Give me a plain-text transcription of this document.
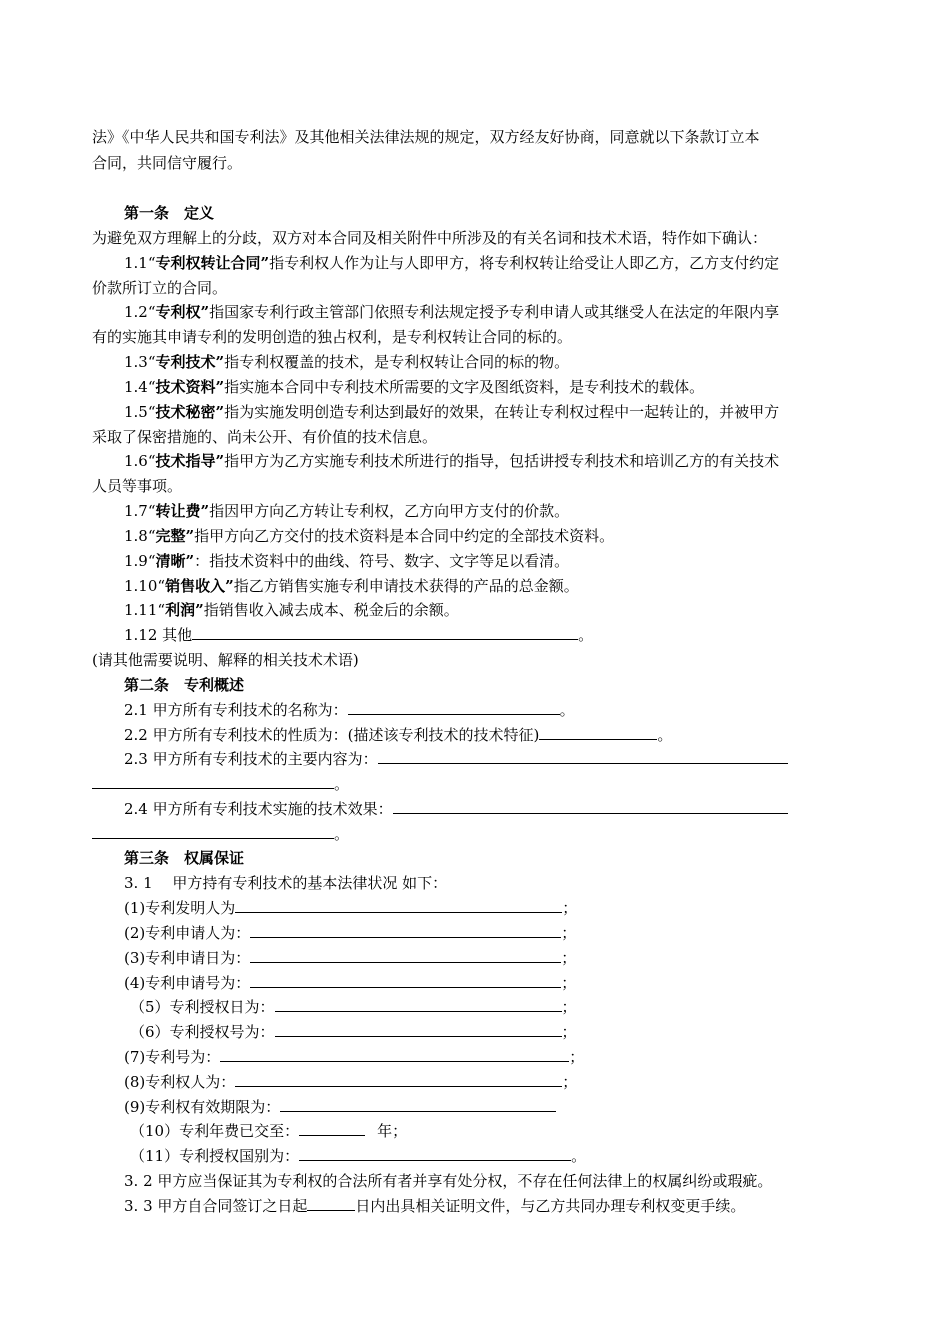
法》《中华人民共和国专利法》及其他相关法律法规的规定，双方经友好协商，同意就以下条款订立本
合同，共同信守履行。
第一条　定义
为避免双方理解上的分歧，双方对本合同及相关附件中所涉及的有关名词和技术术语，特作如下确认：
1.1“专利权转让合同”指专利权人作为让与人即甲方，将专利权转让给受让人即乙方，乙方支付约定
价款所订立的合同。
1.2“专利权”指国家专利行政主管部门依照专利法规定授予专利申请人或其继受人在法定的年限内享
有的实施其申请专利的发明创造的独占权利，是专利权转让合同的标的。
1.3“专利技术”指专利权覆盖的技术，是专利权转让合同的标的物。
1.4“技术资料”指实施本合同中专利技术所需要的文字及图纸资料，是专利技术的载体。
1.5“技术秘密”指为实施发明创造专利达到最好的效果，在转让专利权过程中一起转让的，并被甲方
采取了保密措施的、尚未公开、有价值的技术信息。
1.6“技术指导”指甲方为乙方实施专利技术所进行的指导，包括讲授专利技术和培训乙方的有关技术
人员等事项。
1.7“转让费”指因甲方向乙方转让专利权，乙方向甲方支付的价款。
1.8“完整”指甲方向乙方交付的技术资料是本合同中约定的全部技术资料。
1.9“清晰”：指技术资料中的曲线、符号、数字、文字等足以看清。
1.10“销售收入”指乙方销售实施专利申请技术获得的产品的总金额。
1.11“利润”指销售收入减去成本、税金后的余额。
1.12 其他	。
(请其他需要说明、解释的相关技术术语)
第二条　专利概述
2.1 甲方所有专利技术的名称为：	。
2.2 甲方所有专利技术的性质为：(描述该专利技术的技术特征)	。
2.3 甲方所有专利技术的主要内容为：
。
2.4 甲方所有专利技术实施的技术效果：
。
第三条　权属保证
3. 1　 甲方持有专利技术的基本法律状况 如下：
(1)专利发明人为	；
(2)专利申请人为：	；
(3)专利申请日为：	；
(4)专利申请号为：	；
（5）专利授权日为：	；
（6）专利授权号为：	；
(7)专利号为：	；
(8)专利权人为：	；
(9)专利权有效期限为：
（10）专利年费已交至：	年；
（11）专利授权国别为：	。
3. 2 甲方应当保证其为专利权的合法所有者并享有处分权，不存在任何法律上的权属纠纷或瑕疵。
3. 3 甲方自合同签订之日起	日内出具相关证明文件，与乙方共同办理专利权变更手续。
